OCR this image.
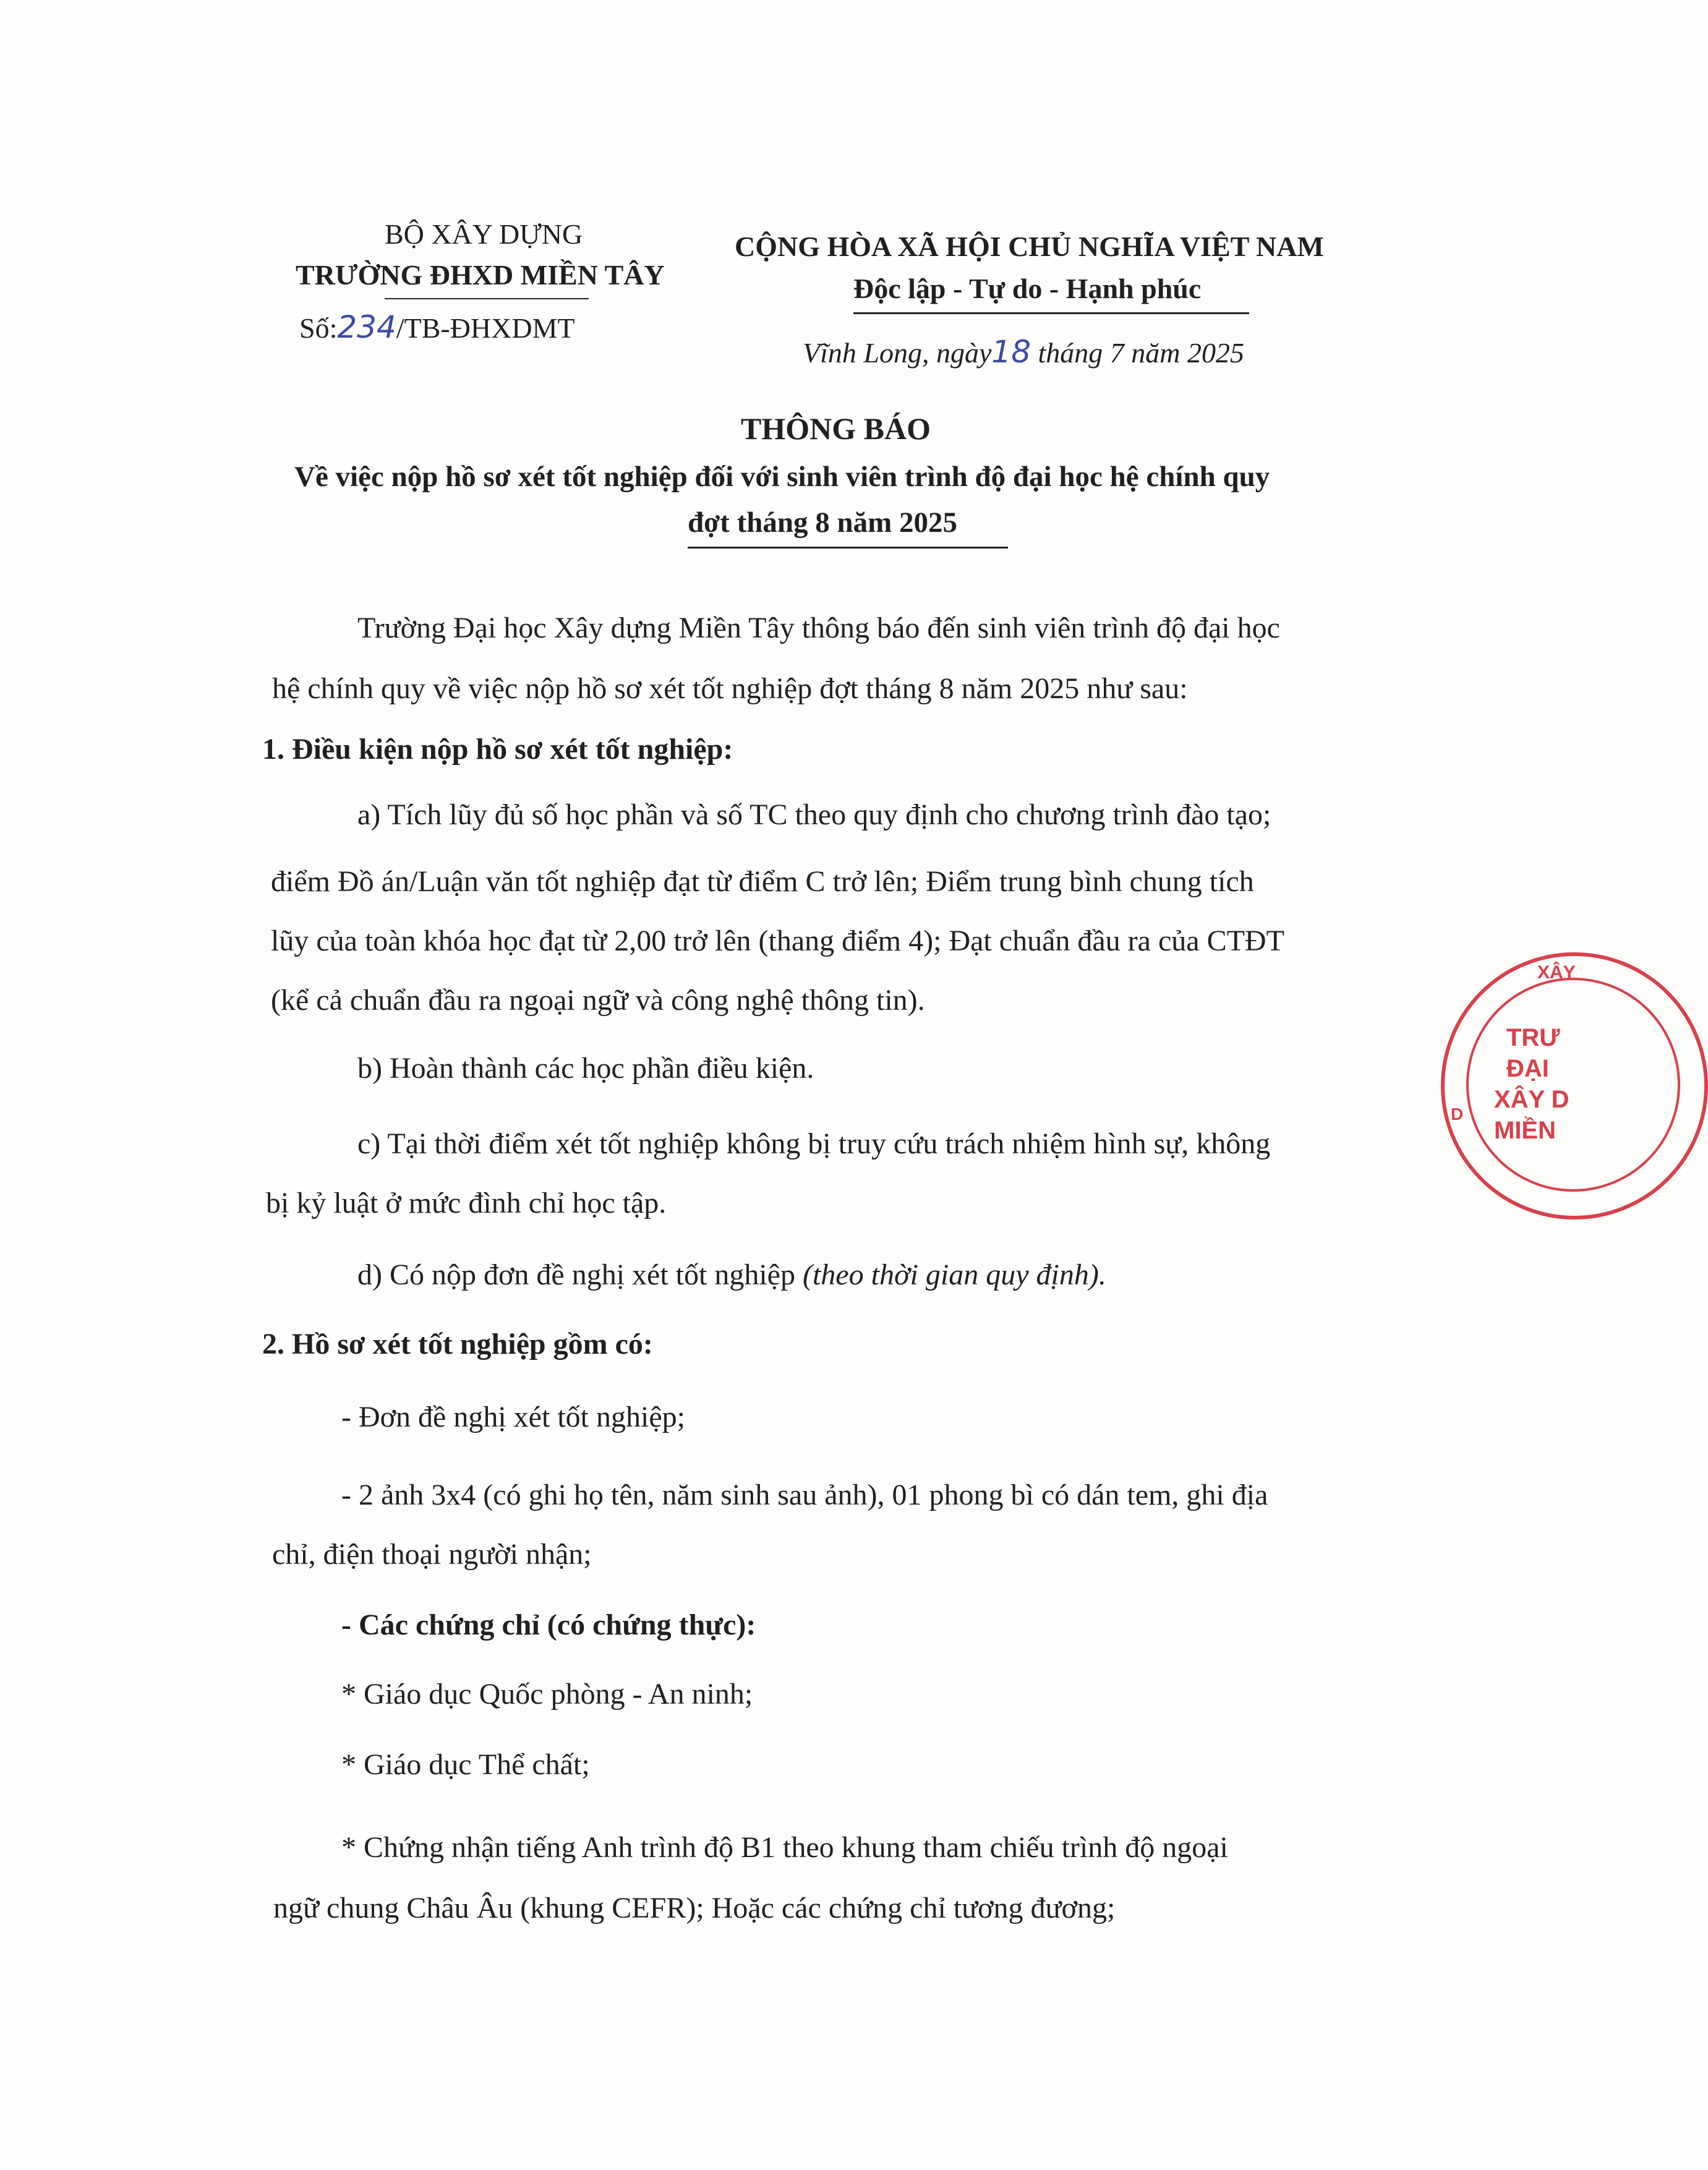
BỘ XÂY DỰNG
TRƯỜNG ĐHXD MIỀN TÂY
Số:234/TB-ĐHXDMT
CỘNG HÒA XÃ HỘI CHỦ NGHĨA VIỆT NAM
Độc lập - Tự do - Hạnh phúc
Vĩnh Long, ngày18 tháng 7 năm 2025
THÔNG BÁO
Về việc nộp hồ sơ xét tốt nghiệp đối với sinh viên trình độ đại học hệ chính quy
đợt tháng 8 năm 2025
Trường Đại học Xây dựng Miền Tây thông báo đến sinh viên trình độ đại học
hệ chính quy về việc nộp hồ sơ xét tốt nghiệp đợt tháng 8 năm 2025 như sau:
1. Điều kiện nộp hồ sơ xét tốt nghiệp:
a) Tích lũy đủ số học phần và số TC theo quy định cho chương trình đào tạo;
điểm Đồ án/Luận văn tốt nghiệp đạt từ điểm C trở lên; Điểm trung bình chung tích
lũy của toàn khóa học đạt từ 2,00 trở lên (thang điểm 4); Đạt chuẩn đầu ra của CTĐT
(kể cả chuẩn đầu ra ngoại ngữ và công nghệ thông tin).
b) Hoàn thành các học phần điều kiện.
c) Tại thời điểm xét tốt nghiệp không bị truy cứu trách nhiệm hình sự, không
bị kỷ luật ở mức đình chỉ học tập.
d) Có nộp đơn đề nghị xét tốt nghiệp (theo thời gian quy định).
2. Hồ sơ xét tốt nghiệp gồm có:
- Đơn đề nghị xét tốt nghiệp;
- 2 ảnh 3x4 (có ghi họ tên, năm sinh sau ảnh), 01 phong bì có dán tem, ghi địa
chỉ, điện thoại người nhận;
- Các chứng chỉ (có chứng thực):
* Giáo dục Quốc phòng - An ninh;
* Giáo dục Thể chất;
* Chứng nhận tiếng Anh trình độ B1 theo khung tham chiếu trình độ ngoại
ngữ chung Châu Âu (khung CEFR); Hoặc các chứng chỉ tương đương;
XÂY
TRƯ
ĐẠI
XÂY D
MIỀN
D
